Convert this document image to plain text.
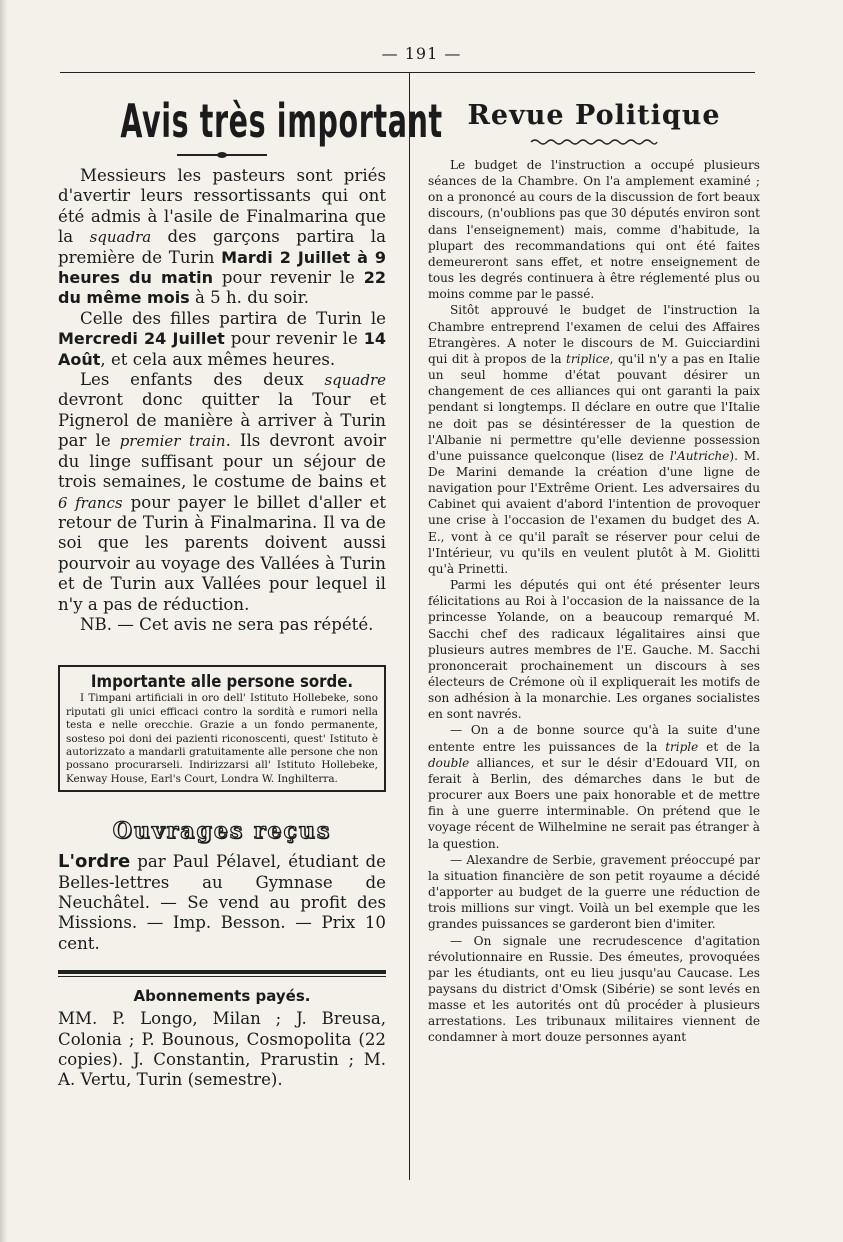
— 191 —
Avis très important

Messieurs les pasteurs sont priés d'avertir leurs ressortissants qui ont été admis à l'asile de Finalmarina que la squadra des garçons partira la première de Turin Mardi 2 Juillet à 9 heures du matin pour revenir le 22 du même mois à 5 h. du soir.

Celle des filles partira de Turin le Mercredi 24 Juillet pour revenir le 14 Août, et cela aux mêmes heures.

Les enfants des deux squadre devront donc quitter la Tour et Pignerol de manière à arriver à Turin par le premier train. Ils devront avoir du linge suffisant pour un séjour de trois semaines, le costume de bains et 6 francs pour payer le billet d'aller et retour de Turin à Finalmarina. Il va de soi que les parents doivent aussi pourvoir au voyage des Vallées à Turin et de Turin aux Vallées pour lequel il n'y a pas de réduction.

NB. — Cet avis ne sera pas répété.

Importante alle persone sorde.
I Timpani artificiali in oro dell' Istituto Hollebeke, sono riputati gli unici efficaci contro la sordità e rumori nella testa e nelle orecchie. Grazie a un fondo permanente, sosteso poi doni dei pazienti riconoscenti, quest' Istituto è autorizzato a mandarli gratuitamente alle persone che non possano procurarseli. Indirizzarsi all' Istituto Hollebeke, Kenway House, Earl's Court, Londra W. Inghilterra.
Ouvrages reçus
L'ordre par Paul Pélavel, étudiant de Belles-lettres au Gymnase de Neuchâtel. — Se vend au profit des Missions. — Imp. Besson. — Prix 10 cent.
Abonnements payés.
MM. P. Longo, Milan ; J. Breusa, Colonia ; P. Bounous, Cosmopolita (22 copies). J. Constantin, Prarustin ; M. A. Vertu, Turin (semestre).
Revue Politique

Le budget de l'instruction a occupé plusieurs séances de la Chambre. On l'a amplement examiné ; on a prononcé au cours de la discussion de fort beaux discours, (n'oublions pas que 30 députés environ sont dans l'enseignement) mais, comme d'habitude, la plupart des recommandations qui ont été faites demeureront sans effet, et notre enseignement de tous les degrés continuera à être réglementé plus ou moins comme par le passé.

Sitôt approuvé le budget de l'instruction la Chambre entreprend l'examen de celui des Affaires Etrangères. A noter le discours de M. Guicciardini qui dit à propos de la triplice, qu'il n'y a pas en Italie un seul homme d'état pouvant désirer un changement de ces alliances qui ont garanti la paix pendant si longtemps. Il déclare en outre que l'Italie ne doit pas se désintéresser de la question de l'Albanie ni permettre qu'elle devienne possession d'une puissance quelconque (lisez de l'Autriche). M. De Marini demande la création d'une ligne de navigation pour l'Extrême Orient. Les adversaires du Cabinet qui avaient d'abord l'intention de provoquer une crise à l'occasion de l'examen du budget des A. E., vont à ce qu'il paraît se réserver pour celui de l'Intérieur, vu qu'ils en veulent plutôt à M. Giolitti qu'à Prinetti.

Parmi les députés qui ont été présenter leurs félicitations au Roi à l'occasion de la naissance de la princesse Yolande, on a beaucoup remarqué M. Sacchi chef des radicaux légalitaires ainsi que plusieurs autres membres de l'E. Gauche. M. Sacchi prononcerait prochainement un discours à ses électeurs de Crémone où il expliquerait les motifs de son adhésion à la monarchie. Les organes socialistes en sont navrés.

— On a de bonne source qu'à la suite d'une entente entre les puissances de la triple et de la double alliances, et sur le désir d'Edouard VII, on ferait à Berlin, des démarches dans le but de procurer aux Boers une paix honorable et de mettre fin à une guerre interminable. On prétend que le voyage récent de Wilhelmine ne serait pas étranger à la question.

— Alexandre de Serbie, gravement préoccupé par la situation financière de son petit royaume a décidé d'apporter au budget de la guerre une réduction de trois millions sur vingt. Voilà un bel exemple que les grandes puissances se garderont bien d'imiter.

— On signale une recrudescence d'agitation révolutionnaire en Russie. Des émeutes, provoquées par les étudiants, ont eu lieu jusqu'au Caucase. Les paysans du district d'Omsk (Sibérie) se sont levés en masse et les autorités ont dû procéder à plusieurs arrestations. Les tribunaux militaires viennent de condamner à mort douze personnes ayant
